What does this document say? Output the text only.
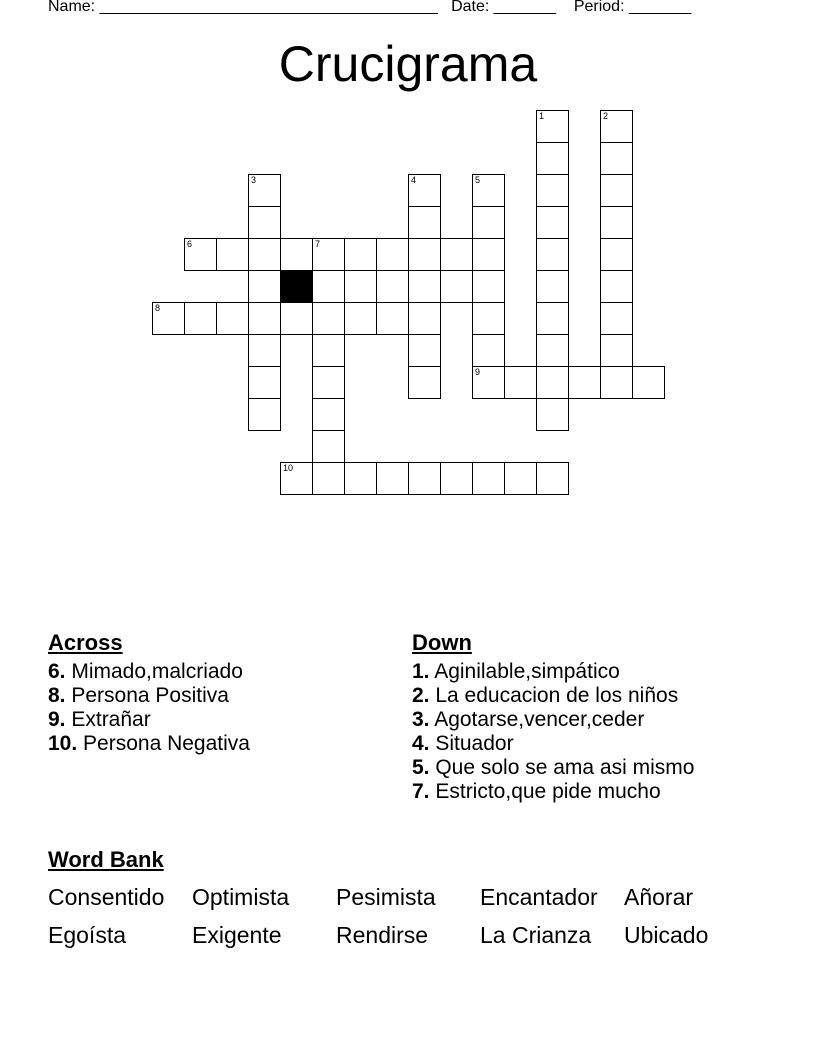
Name: ______________________________________ Date: _______ Period: _______
Crucigrama
1	2
3	4	5
9
6	7
8
10
Across
6. Mimado,malcriado
8. Persona Positiva
9. Extrañar
10. Persona Negativa
Down
1. Aginilable,simpático
2. La educacion de los niños
3. Agotarse,vencer,ceder
4. Situador
5. Que solo se ama asi mismo
7. Estricto,que pide mucho
Word Bank
Consentido Optimista Pesimista Encantador Añorar
Egoísta	Exigente Rendirse La Crianza Ubicado
